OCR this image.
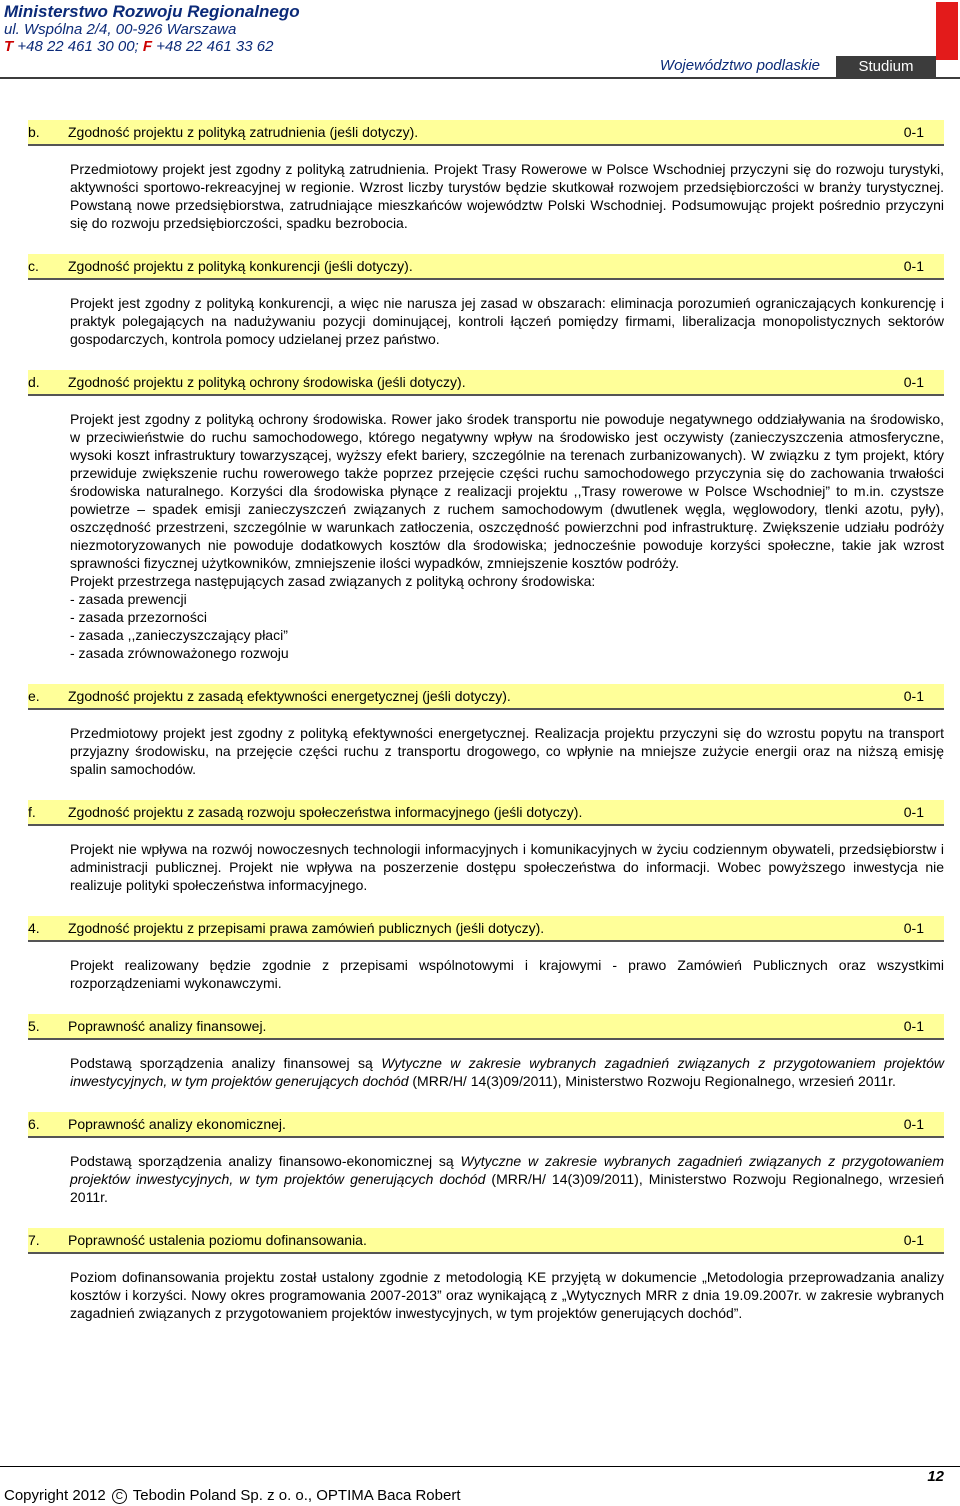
Ministerstwo Rozwoju Regionalnego
ul. Wspólna 2/4, 00-926 Warszawa
T +48 22 461 30 00; F +48 22 461 33 62
Województwo podlaskie	Studium
b. Zgodność projektu z polityką zatrudnienia (jeśli dotyczy).	0-1

Przedmiotowy projekt jest zgodny z polityką zatrudnienia. Projekt Trasy Rowerowe w Polsce Wschodniej przyczyni się do rozwoju turystyki, aktywności sportowo-rekreacyjnej w regionie. Wzrost liczby turystów będzie skutkował rozwojem przedsiębiorczości w branży turystycznej. Powstaną nowe przedsiębiorstwa, zatrudniające mieszkańców województw Polski Wschodniej. Podsumowując projekt pośrednio przyczyni się do rozwoju przedsiębiorczości, spadku bezrobocia.

c. Zgodność projektu z polityką konkurencji (jeśli dotyczy).	0-1

Projekt jest zgodny z polityką konkurencji, a więc nie narusza jej zasad w obszarach: eliminacja porozumień ograniczających konkurencję i praktyk polegających na nadużywaniu pozycji dominującej, kontroli łączeń pomiędzy firmami, liberalizacja monopolistycznych sektorów gospodarczych, kontrola pomocy udzielanej przez państwo.

d. Zgodność projektu z polityką ochrony środowiska (jeśli dotyczy).	0-1

Projekt jest zgodny z polityką ochrony środowiska. Rower jako środek transportu nie powoduje negatywnego oddziaływania na środowisko, w przeciwieństwie do ruchu samochodowego, którego negatywny wpływ na środowisko jest oczywisty (zanieczyszczenia atmosferyczne, wysoki koszt infrastruktury towarzyszącej, wyższy efekt bariery, szczególnie na terenach zurbanizowanych). W związku z tym projekt, który przewiduje zwiększenie ruchu rowerowego także poprzez przejęcie części ruchu samochodowego przyczynia się do zachowania trwałości środowiska naturalnego. Korzyści dla środowiska płynące z realizacji projektu ,,Trasy rowerowe w Polsce Wschodniej” to m.in. czystsze powietrze – spadek emisji zanieczyszczeń związanych z ruchem samochodowym (dwutlenek węgla, węglowodory, tlenki azotu, pyły), oszczędność przestrzeni, szczególnie w warunkach zatłoczenia, oszczędność powierzchni pod infrastrukturę. Zwiększenie udziału podróży niezmotoryzowanych nie powoduje dodatkowych kosztów dla środowiska; jednocześnie powoduje korzyści społeczne, takie jak wzrost sprawności fizycznej użytkowników, zmniejszenie ilości wypadków, zmniejszenie kosztów podróży.

Projekt przestrzega następujących zasad związanych z polityką ochrony środowiska:

- zasada prewencji

- zasada przezorności

- zasada ,,zanieczyszczający płaci”

- zasada zrównoważonego rozwoju

e. Zgodność projektu z zasadą efektywności energetycznej (jeśli dotyczy).	0-1

Przedmiotowy projekt jest zgodny z polityką efektywności energetycznej. Realizacja projektu przyczyni się do wzrostu popytu na transport przyjazny środowisku, na przejęcie części ruchu z transportu drogowego, co wpłynie na mniejsze zużycie energii oraz na niższą emisję spalin samochodów.

f. Zgodność projektu z zasadą rozwoju społeczeństwa informacyjnego (jeśli dotyczy).	0-1

Projekt nie wpływa na rozwój nowoczesnych technologii informacyjnych i komunikacyjnych w życiu codziennym obywateli, przedsiębiorstw i administracji publicznej. Projekt nie wpływa na poszerzenie dostępu społeczeństwa do informacji. Wobec powyższego inwestycja nie realizuje polityki społeczeństwa informacyjnego.

4. Zgodność projektu z przepisami prawa zamówień publicznych (jeśli dotyczy).	0-1

Projekt realizowany będzie zgodnie z przepisami wspólnotowymi i krajowymi - prawo Zamówień Publicznych oraz wszystkimi rozporządzeniami wykonawczymi.

5. Poprawność analizy finansowej.	0-1

Podstawą sporządzenia analizy finansowej są Wytyczne w zakresie wybranych zagadnień związanych z przygotowaniem projektów inwestycyjnych, w tym projektów generujących dochód (MRR/H/ 14(3)09/2011), Ministerstwo Rozwoju Regionalnego, wrzesień 2011r.

6. Poprawność analizy ekonomicznej.	0-1

Podstawą sporządzenia analizy finansowo-ekonomicznej są Wytyczne w zakresie wybranych zagadnień związanych z przygotowaniem projektów inwestycyjnych, w tym projektów generujących dochód (MRR/H/ 14(3)09/2011), Ministerstwo Rozwoju Regionalnego, wrzesień 2011r.

7. Poprawność ustalenia poziomu dofinansowania.	0-1

Poziom dofinansowania projektu został ustalony zgodnie z metodologią KE przyjętą w dokumencie „Metodologia przeprowadzania analizy kosztów i korzyści. Nowy okres programowania 2007-2013” oraz wynikającą z „Wytycznych MRR z dnia 19.09.2007r. w zakresie wybranych zagadnień związanych z przygotowaniem projektów inwestycyjnych, w tym projektów generujących dochód”.

12
Copyright 2012 C Tebodin Poland Sp. z o. o., OPTIMA Baca Robert
